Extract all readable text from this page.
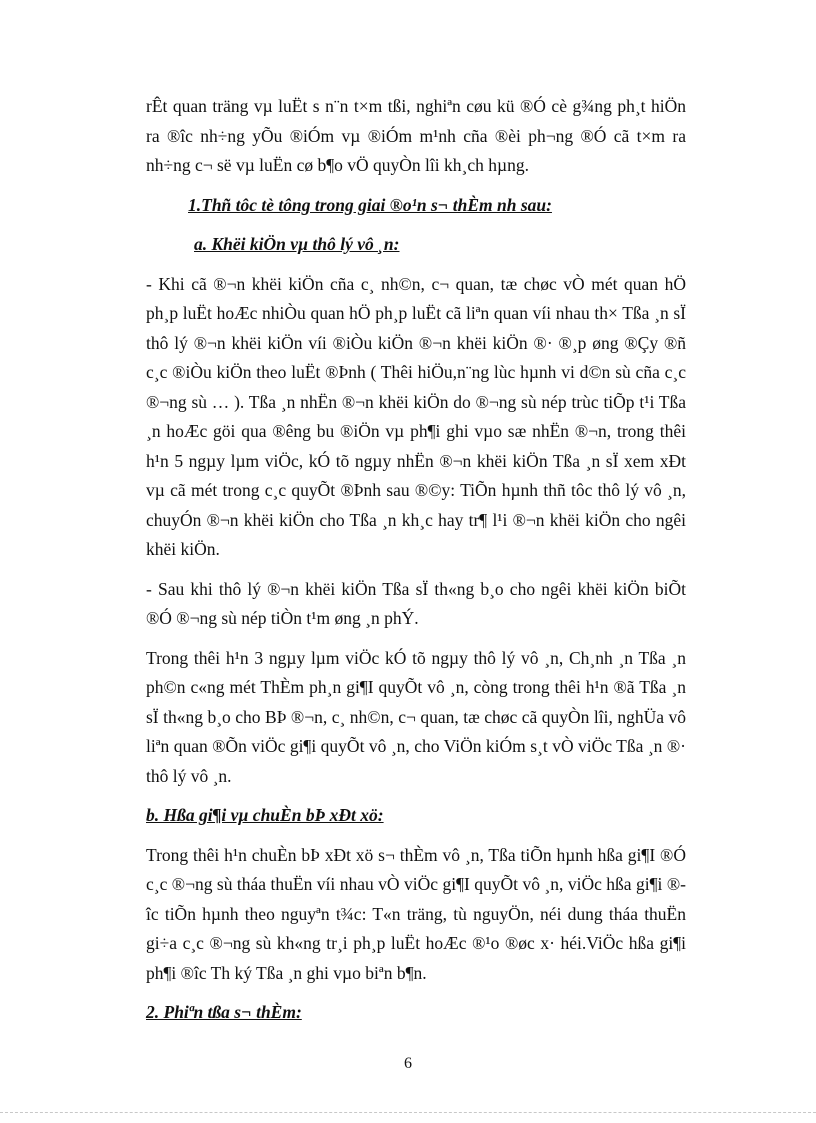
rÊt quan träng vµ luËt s n¨n t×m tßi, nghiªn cøu kü ®Ó cè g¾ng ph¸t hiÖn ra ®îc nh÷ng yÕu ®iÓm vµ ®iÓm m¹nh cña ®èi ph¬ng ®Ó cã t×m ra nh÷ng c¬ së vµ luËn cø b¶o vÖ quyÒn lîi kh¸ch hµng.

1.Thñ tôc tè tông trong giai ®o¹n s¬ thÈm nh sau:

a. Khëi kiÖn vµ thô lý vô ¸n:

- Khi cã ®¬n khëi kiÖn cña c¸ nh©n, c¬ quan, tæ chøc vÒ mét quan hÖ ph¸p luËt hoÆc nhiÒu quan hÖ ph¸p luËt cã liªn quan víi nhau th× Tßa ¸n sÏ thô lý ®¬n khëi kiÖn víi ®iÒu kiÖn ®¬n khëi kiÖn ®· ®¸p øng ®Çy ®ñ c¸c ®iÒu kiÖn theo luËt ®Þnh ( Thêi hiÖu,n¨ng lùc hµnh vi d©n sù cña c¸c ®¬ng sù … ). Tßa ¸n nhËn ®¬n khëi kiÖn do ®¬ng sù nép trùc tiÕp t¹i Tßa ¸n hoÆc göi qua ®êng bu ®iÖn vµ ph¶i ghi vµo sæ nhËn ®¬n, trong thêi h¹n 5 ngµy lµm viÖc, kÓ tõ ngµy nhËn ®¬n khëi kiÖn Tßa ¸n sÏ xem xÐt vµ cã mét trong c¸c quyÕt ®Þnh sau ®©y: TiÕn hµnh thñ tôc thô lý vô ¸n, chuyÓn ®¬n khëi kiÖn cho Tßa ¸n kh¸c hay tr¶ l¹i ®¬n khëi kiÖn cho ngêi khëi kiÖn.

- Sau khi thô lý ®¬n khëi kiÖn Tßa sÏ th«ng b¸o cho ngêi khëi kiÖn biÕt ®Ó ®¬ng sù nép tiÒn t¹m øng ¸n phÝ.

Trong thêi h¹n 3 ngµy lµm viÖc kÓ tõ ngµy thô lý vô ¸n, Ch¸nh ¸n Tßa ¸n ph©n c«ng mét ThÈm ph¸n gi¶I quyÕt vô ¸n, còng trong thêi h¹n ®ã Tßa ¸n sÏ th«ng b¸o cho BÞ ®¬n, c¸ nh©n, c¬ quan, tæ chøc cã quyÒn lîi, nghÜa vô liªn quan ®Õn viÖc gi¶i quyÕt vô ¸n, cho ViÖn kiÓm s¸t vÒ viÖc Tßa ¸n ®· thô lý vô ¸n.

b. Hßa gi¶i vµ chuÈn bÞ xÐt xö:

Trong thêi h¹n chuÈn bÞ xÐt xö s¬ thÈm vô ¸n, Tßa tiÕn hµnh hßa gi¶I ®Ó c¸c ®¬ng sù tháa thuËn víi nhau vÒ viÖc gi¶I quyÕt vô ¸n, viÖc hßa gi¶i ®îc tiÕn hµnh theo nguyªn t¾c: T«n träng, tù nguyÖn, néi dung tháa thuËn gi÷a c¸c ®¬ng sù kh«ng tr¸i ph¸p luËt hoÆc ®¹o ®øc x· héi.ViÖc hßa gi¶i ph¶i ®îc Th ký Tßa ¸n ghi vµo biªn b¶n.

2. Phiªn tßa s¬ thÈm:

6
